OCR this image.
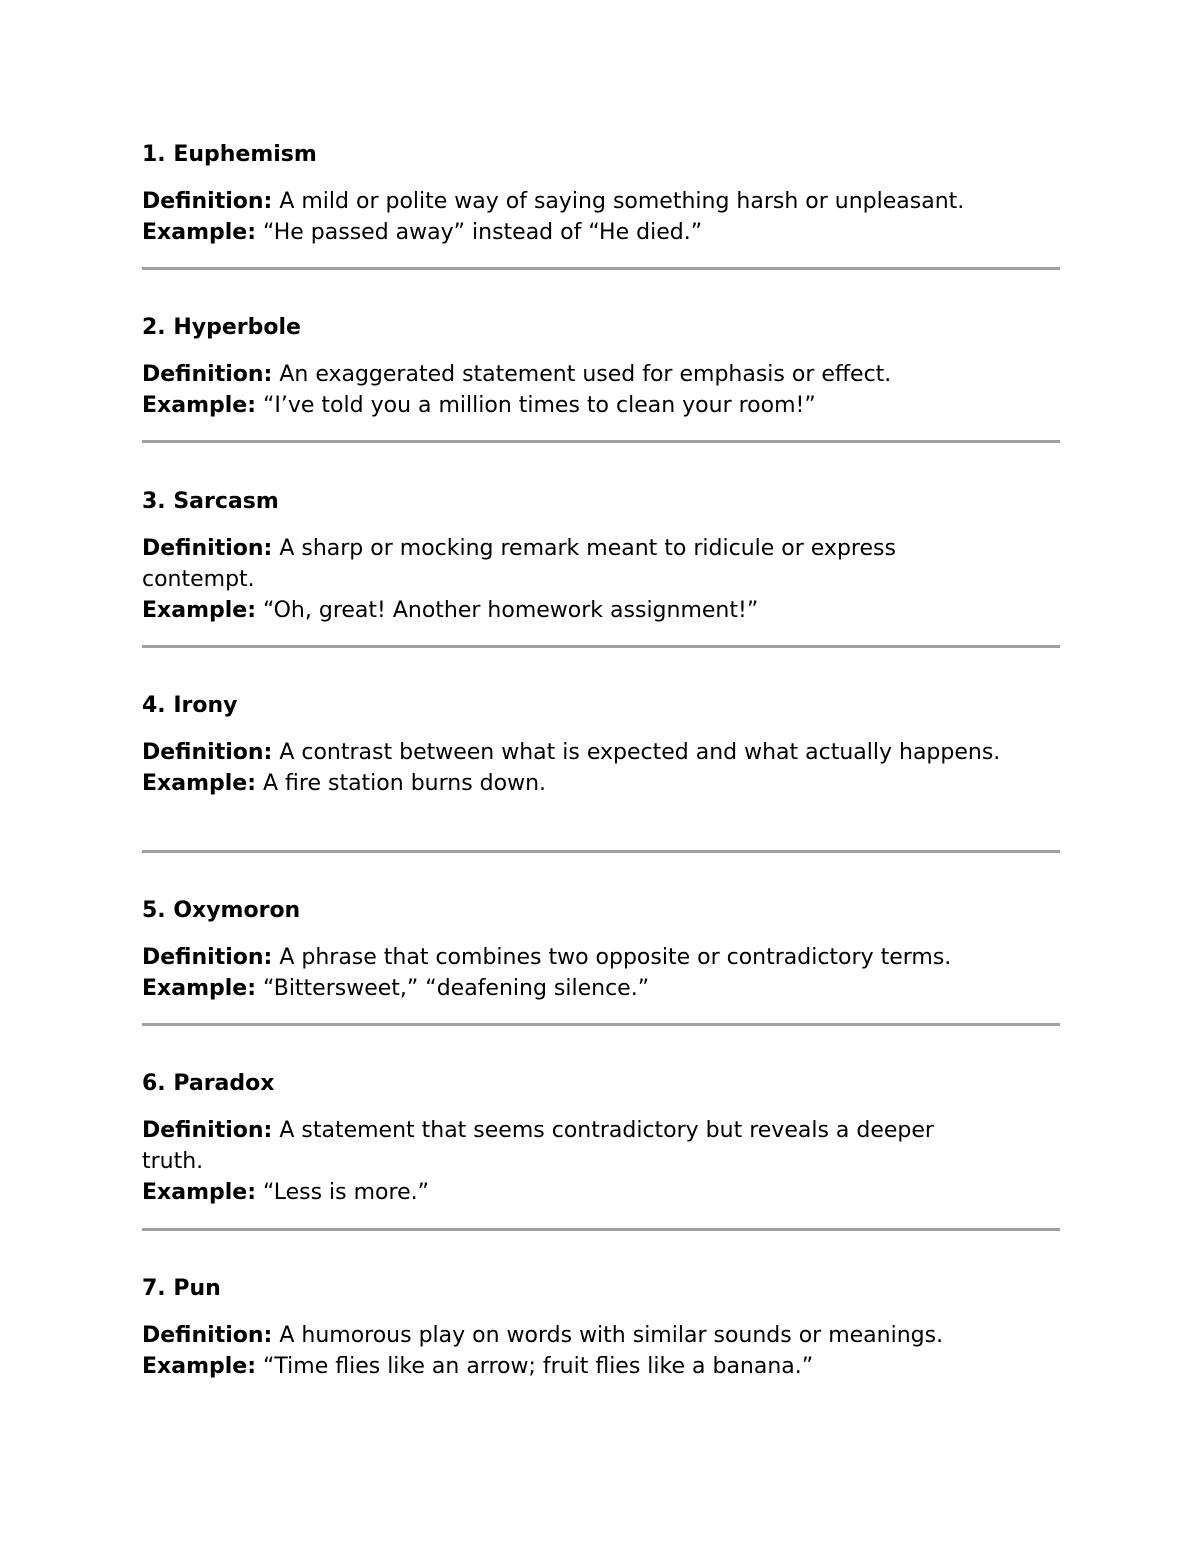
1. Euphemism
Definition: A mild or polite way of saying something harsh or unpleasant.
Example: “He passed away” instead of “He died.”
2. Hyperbole
Definition: An exaggerated statement used for emphasis or effect.
Example: “I’ve told you a million times to clean your room!”
3. Sarcasm
Definition: A sharp or mocking remark meant to ridicule or express contempt.
Example: “Oh, great! Another homework assignment!”
4. Irony
Definition: A contrast between what is expected and what actually happens.
Example: A fire station burns down.
5. Oxymoron
Definition: A phrase that combines two opposite or contradictory terms.
Example: “Bittersweet,” “deafening silence.”
6. Paradox
Definition: A statement that seems contradictory but reveals a deeper truth.
Example: “Less is more.”
7. Pun
Definition: A humorous play on words with similar sounds or meanings.
Example: “Time flies like an arrow; fruit flies like a banana.”
